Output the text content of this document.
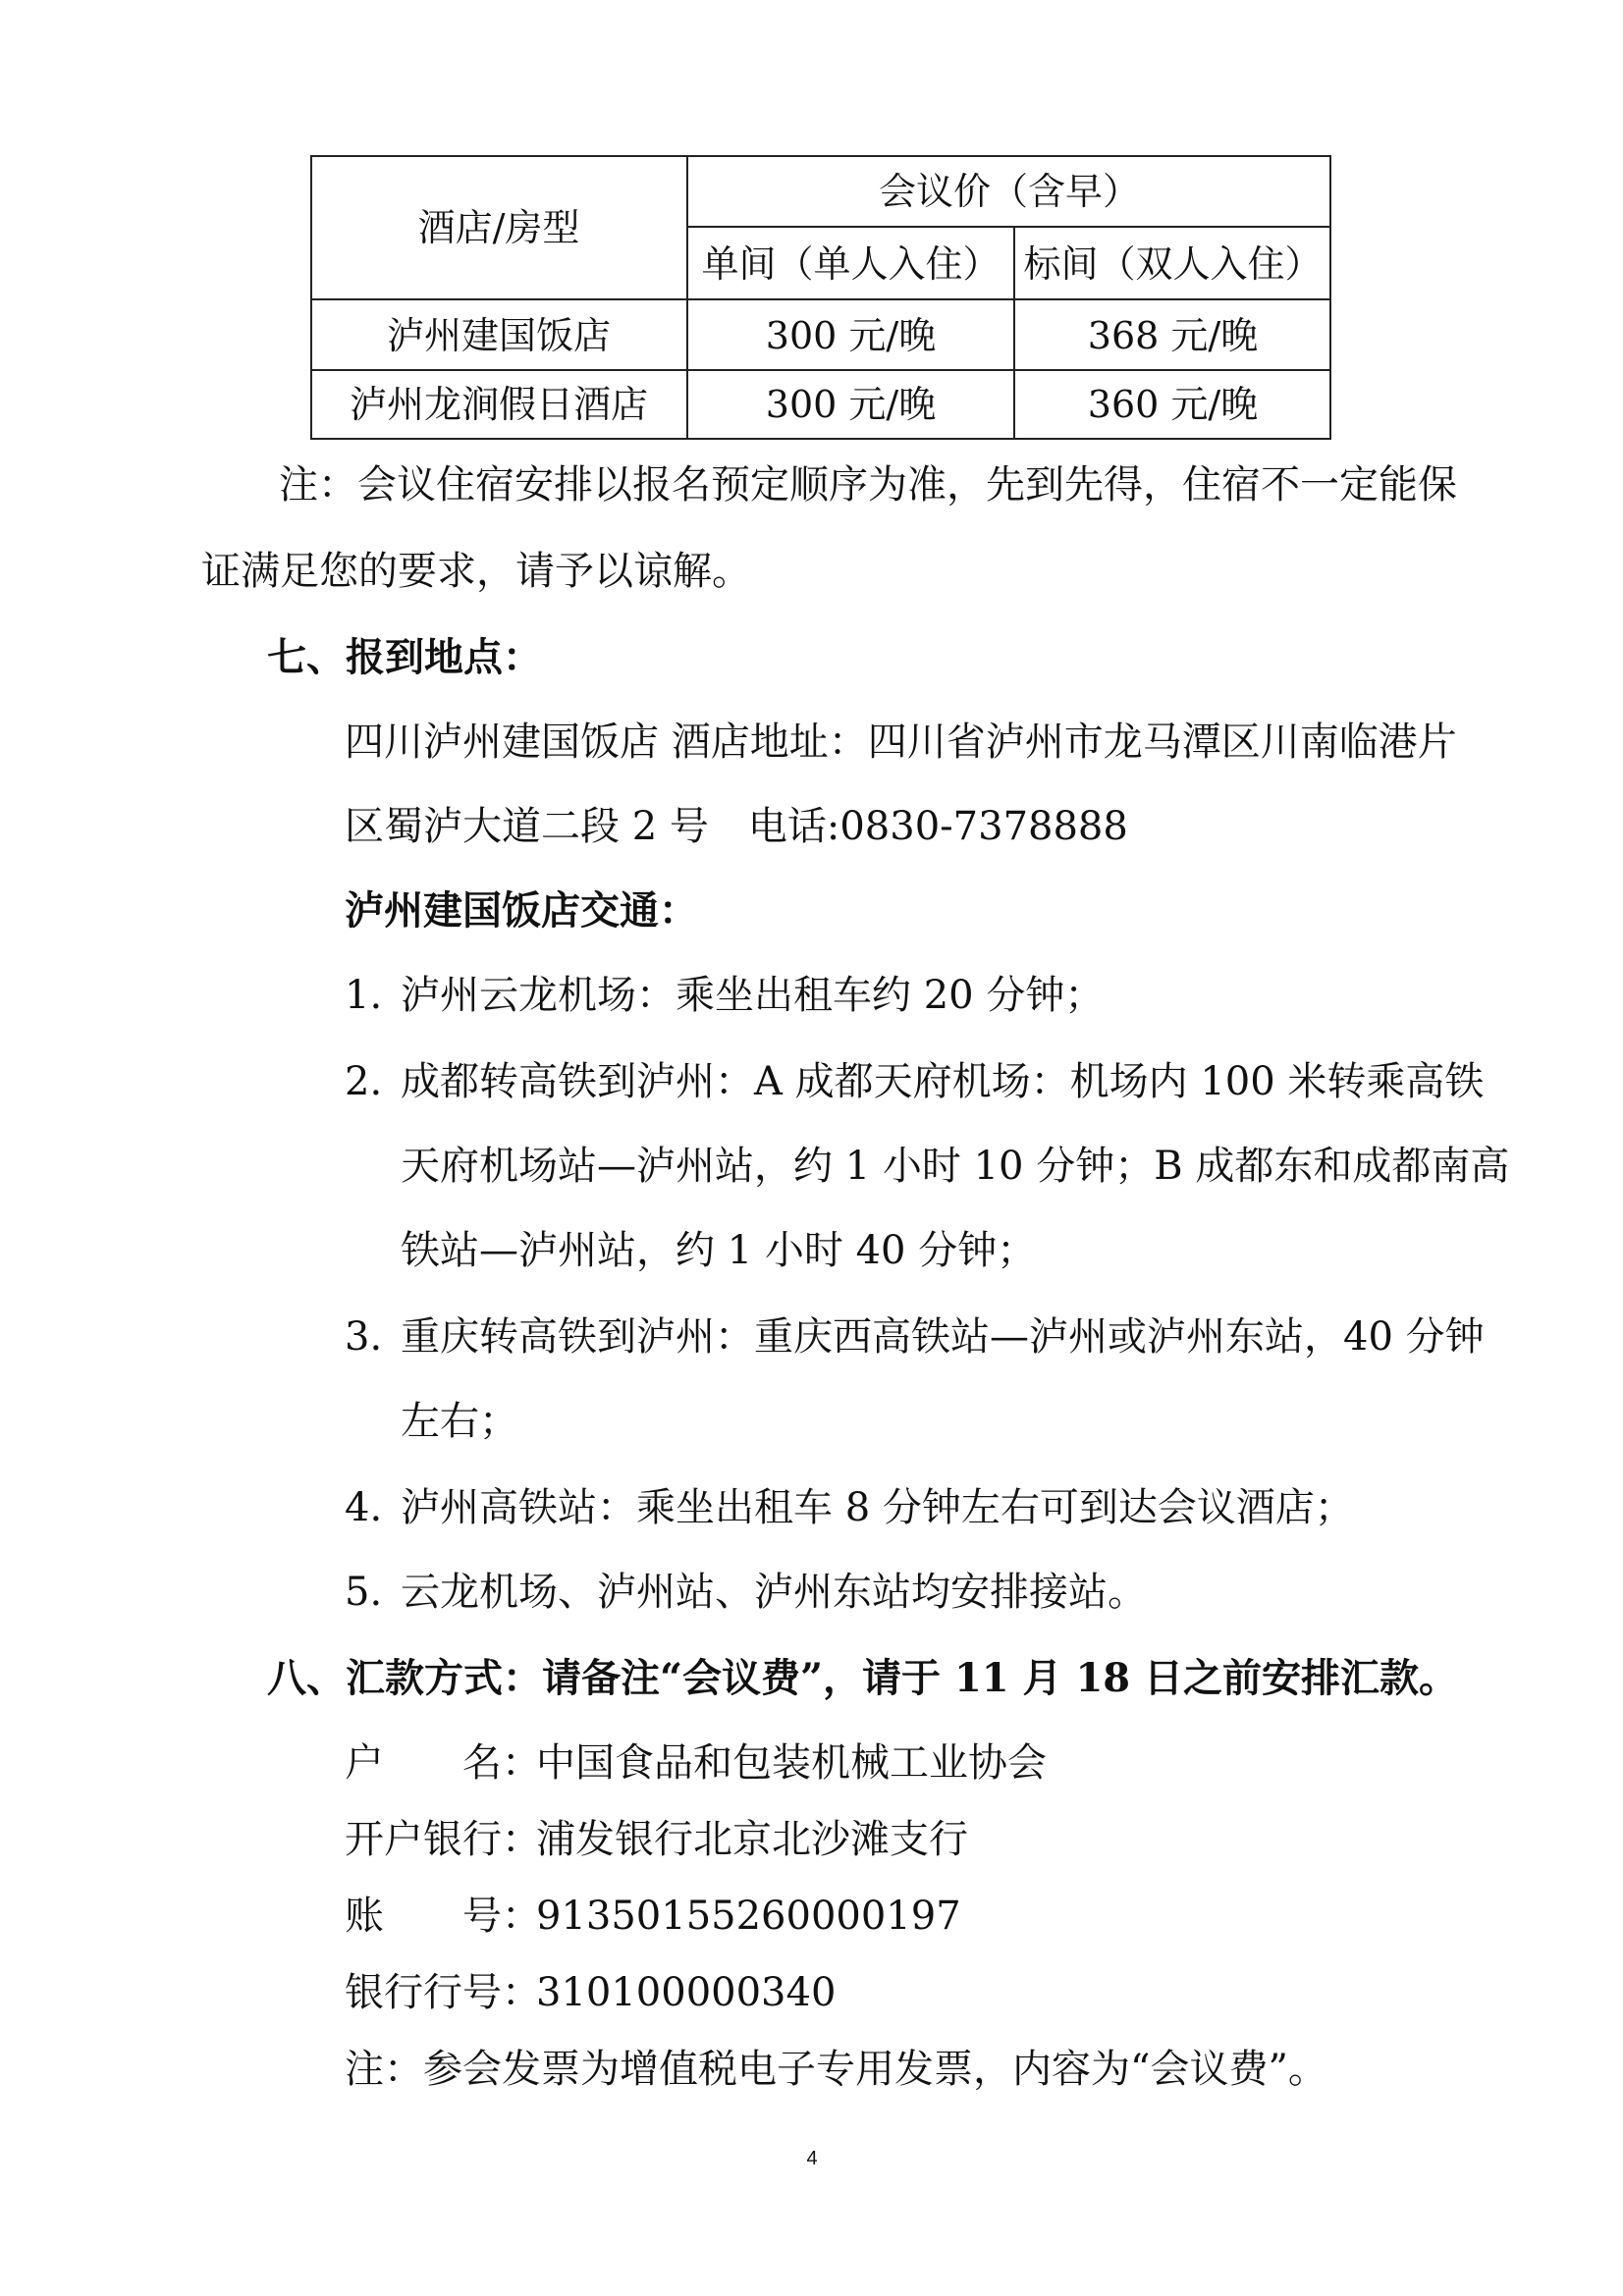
酒店/房型
会议价（含早）
单间（单人入住） 标间（双人入住）
泸州建国饭店	300 元/晚	368 元/晚
泸州龙涧假日酒店	300 元/晚	360 元/晚
注：会议住宿安排以报名预定顺序为准，先到先得，住宿不一定能保
证满足您的要求，请予以谅解。
七、报到地点：
四川泸州建国饭店 酒店地址：四川省泸州市龙马潭区川南临港片
区蜀泸大道二段 2 号　电话:0830-7378888
泸州建国饭店交通：
1. 泸州云龙机场：乘坐出租车约 20 分钟；
2. 成都转高铁到泸州：A 成都天府机场：机场内 100 米转乘高铁
天府机场站—泸州站，约 1 小时 10 分钟；B 成都东和成都南高
铁站—泸州站，约 1 小时 40 分钟；
3. 重庆转高铁到泸州：重庆西高铁站—泸州或泸州东站，40 分钟
左右；
4. 泸州高铁站：乘坐出租车 8 分钟左右可到达会议酒店；
5. 云龙机场、泸州站、泸州东站均安排接站。
八、汇款方式：请备注“会议费”，请于 11 月 18 日之前安排汇款。
户　　名：
中国食品和包装机械工业协会
开户银行：
浦发银行北京北沙滩支行
账　　号：
91350155260000197
银行行号：
310100000340
注：参会发票为增值税电子专用发票，内容为“会议费”。
4
